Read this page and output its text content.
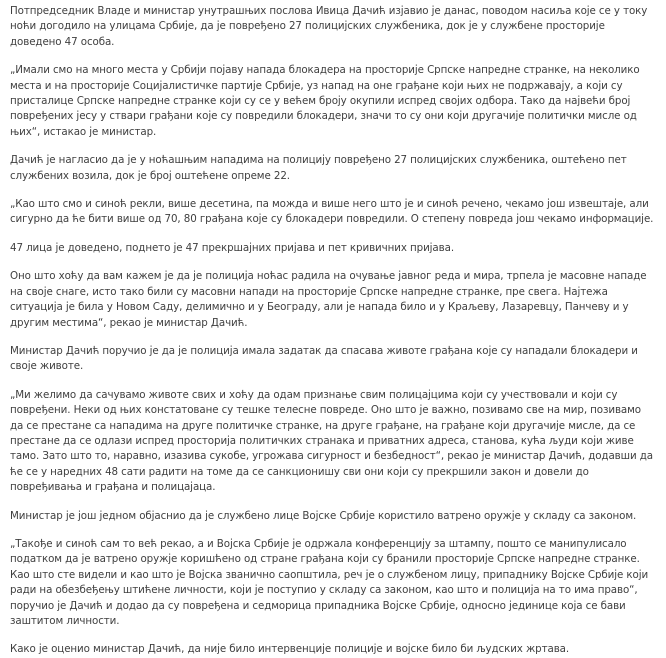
Потпредседник Владе и министар унутрашњих послова Ивица Дачић изјавио је данас, поводом насиља које се у току ноћи догодило на улицама Србије, да је повређено 27 полицијских службеника, док је у службене просторије доведено 47 особа.

„Имали смо на много места у Србији појаву напада блокадера на просторије Српске напредне странке, на неколико места и на просторије Социјалистичке партије Србије, уз напад на оне грађане који њих не подржавају, а који су присталице Српске напредне странке који су се у већем броју окупили испред својих одбора. Тако да највећи број повређених јесу у ствари грађани које су повредили блокадери, значи то су они који другачије политички мисле од њих“, истакао је министар.

Дачић је нагласио да је у ноћашњим нападима на полицију повређено 27 полицијских службеника, оштећено пет службених возила, док је број оштећене опреме 22.

„Као што смо и синоћ рекли, више десетина, па можда и више него што је и синоћ речено, чекамо још извештаје, али сигурно да ће бити више од 70, 80 грађана које су блокадери повредили. О степену повреда још чекамо информације.

47 лица је доведено, поднето је 47 прекршајних пријава и пет кривичних пријава.

Оно што хоћу да вам кажем је да је полиција ноћас радила на очување јавног реда и мира, трпела је масовне нападе на своје снаге, исто тако били су масовни напади на просторије Српске напредне странке, пре свега. Најтежа ситуација је била у Новом Саду, делимично и у Београду, али је напада било и у Краљеву, Лазаревцу, Панчеву и у другим местима“, рекао је министар Дачић.

Министар Дачић поручио је да је полиција имала задатак да спасава животе грађана које су нападали блокадери и своје животе.

„Ми желимо да сачувамо животе свих и хоћу да одам признање свим полицајцима који су учествовали и који су повређени. Неки од њих констатоване су тешке телесне повреде. Оно што је важно, позивамо све на мир, позивамо да се престане са нападима на друге политичке странке, на друге грађане, на грађане који другачије мисле, да се престане да се одлази испред просторија политичких странака и приватних адреса, станова, кућа људи који живе тамо. Зато што то, наравно, изазива сукобе, угрожава сигурност и безбедност“, рекао је министар Дачић, додавши да ће се у наредних 48 сати радити на томе да се санкционишу сви они који су прекршили закон и довели до повређивања и грађана и полицајаца.

Министар је још једном објаснио да је службено лице Војске Србије користило ватрено оружје у складу са законом.

„Такође и синоћ сам то већ рекао, а и Војска Србије је одржала конференцију за штампу, пошто се манипулисало податком да је ватрено оружје коришћено од стране грађана који су бранили просторије Српске напредне странке. Као што сте видели и као што је Војска званично саопштила, реч је о службеном лицу, припаднику Војске Србије који ради на обезбеђењу штићене личности, који је поступио у складу са законом, као што и полиција на то има право“, поручио је Дачић и додао да су повређена и седморица припадника Војске Србије, односно јединице која се бави заштитом личности.

Како је оценио министар Дачић, да није било интервенције полиције и војске било би људских жртава.
